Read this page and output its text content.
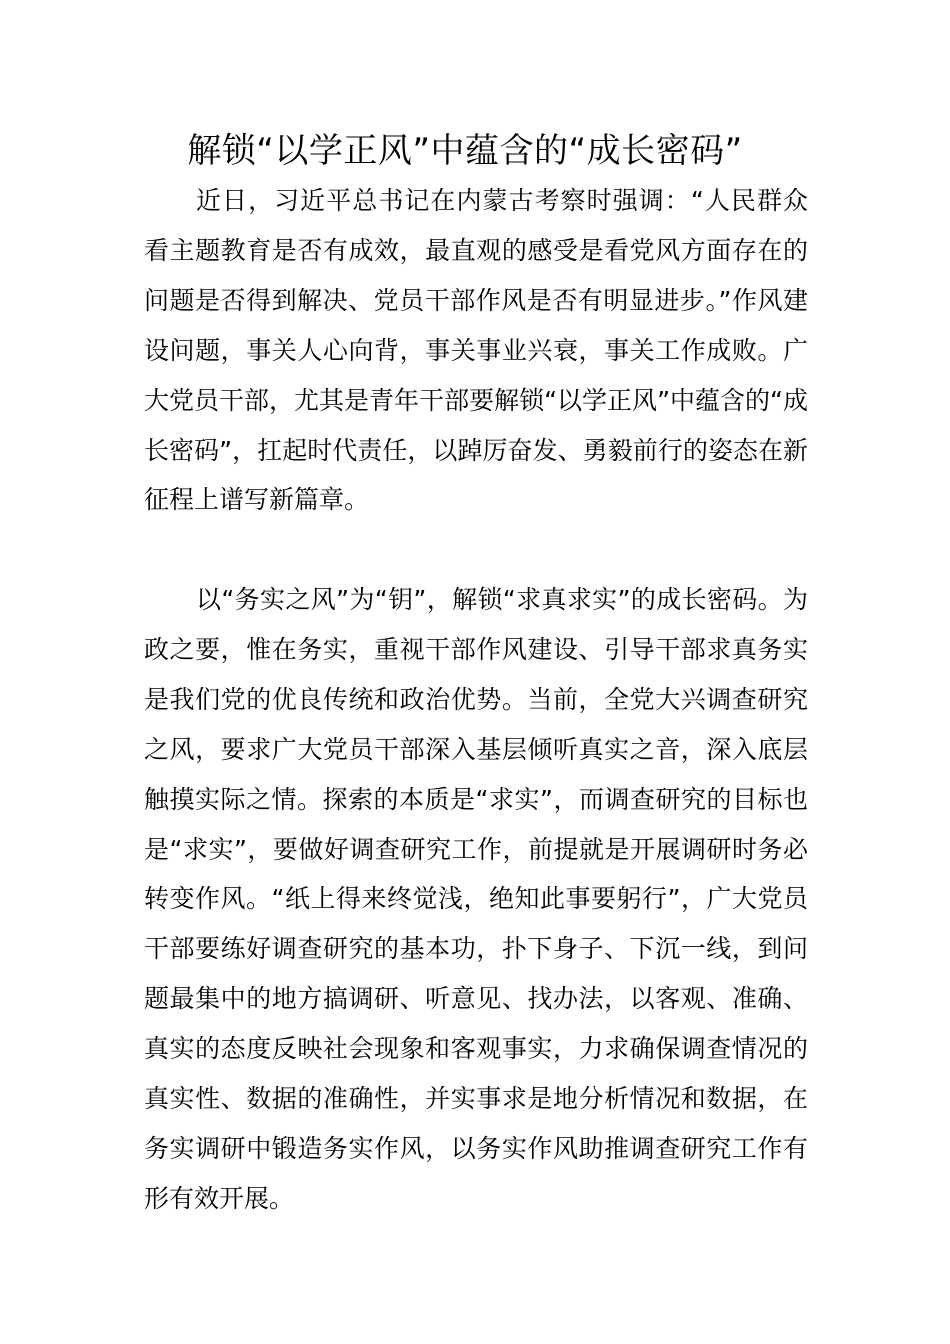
解锁“以学正风”中蕴含的“成长密码”

近日，习近平总书记在内蒙古考察时强调：“人民群众看主题教育是否有成效，最直观的感受是看党风方面存在的问题是否得到解决、党员干部作风是否有明显进步。”作风建设问题，事关人心向背，事关事业兴衰，事关工作成败。广大党员干部，尤其是青年干部要解锁“以学正风”中蕴含的“成长密码”，扛起时代责任，以踔厉奋发、勇毅前行的姿态在新征程上谱写新篇章。

以“务实之风”为“钥”，解锁“求真求实”的成长密码。为政之要，惟在务实，重视干部作风建设、引导干部求真务实是我们党的优良传统和政治优势。当前，全党大兴调查研究之风，要求广大党员干部深入基层倾听真实之音，深入底层触摸实际之情。探索的本质是“求实”，而调查研究的目标也是“求实”，要做好调查研究工作，前提就是开展调研时务必转变作风。“纸上得来终觉浅，绝知此事要躬行”，广大党员干部要练好调查研究的基本功，扑下身子、下沉一线，到问题最集中的地方搞调研、听意见、找办法，以客观、准确、真实的态度反映社会现象和客观事实，力求确保调查情况的真实性、数据的准确性，并实事求是地分析情况和数据，在务实调研中锻造务实作风，以务实作风助推调查研究工作有形有效开展。
